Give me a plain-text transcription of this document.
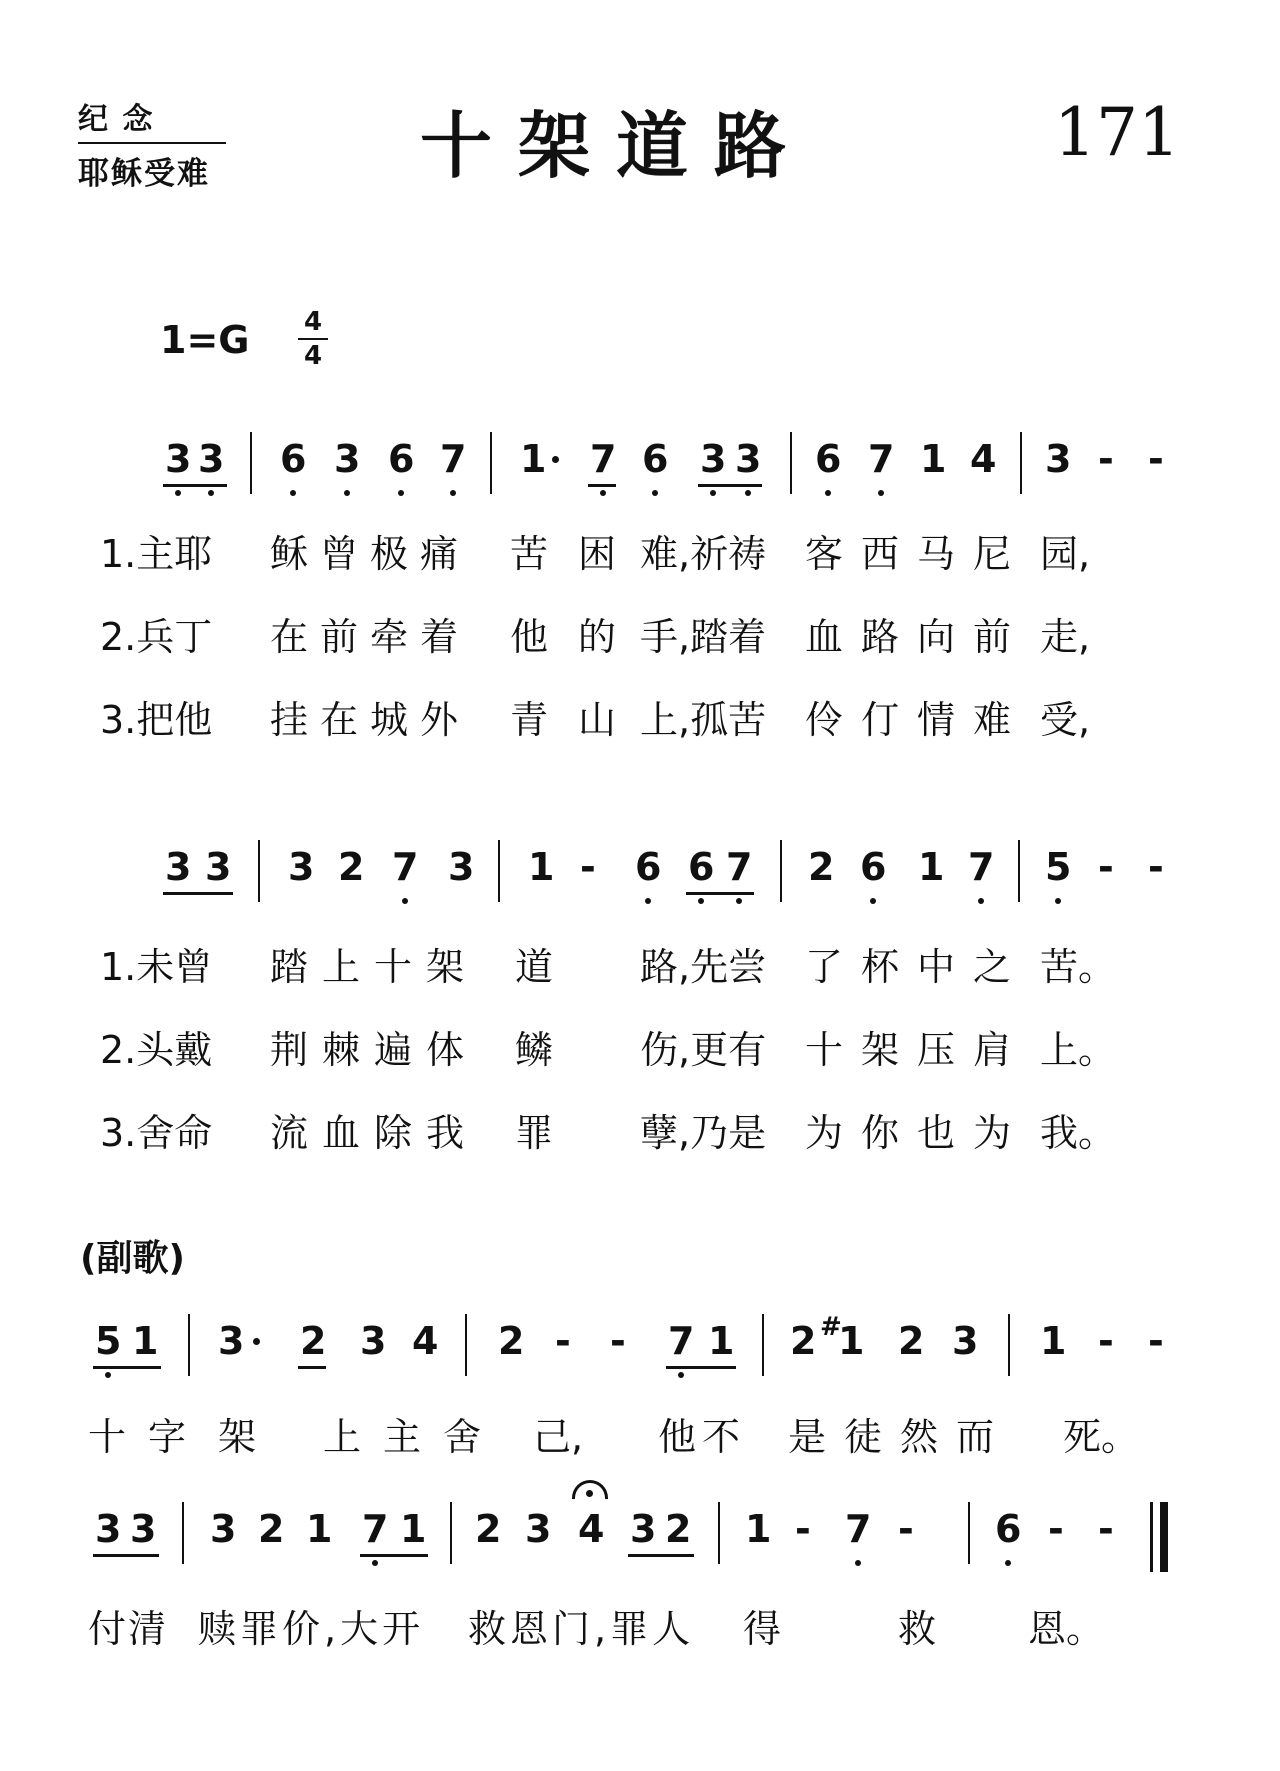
纪 念
耶稣受难	十架道路	171
1=G 4
4
3 3 6 3 6 7 1 7 6 3 3 6 7 1 4 3 - -
1.主耶 稣曾极痛 苦 困 难,祈祷 客西马尼 园,
2.兵丁 在前牵着 他 的 手,踏着 血路向前 走,
3.把他 挂在城外 青 山 上,孤苦 伶仃情难 受,
3 3 3 2 7 3 1 - 6 6 7 2 6 1 7 5 - -
1.未曾 踏上十架 道 路,先尝 了杯中之 苦。
2.头戴 荆棘遍体 鳞 伤,更有 十架压肩 上。
3.舍命 流血除我 罪 孽,乃是 为你也为 我。
(副歌)
5 1 3 2 3 4 2 - - 7 1 2 #
1 2 3 1 - -
十字 架 上主舍 己, 他不 是徒然而 死。
3 3 3 2 1 7 1 2 3 4 3 2 1 - 7 - 6 - -
付清 赎罪价,大开 救恩门,罪人 得	救 恩。
